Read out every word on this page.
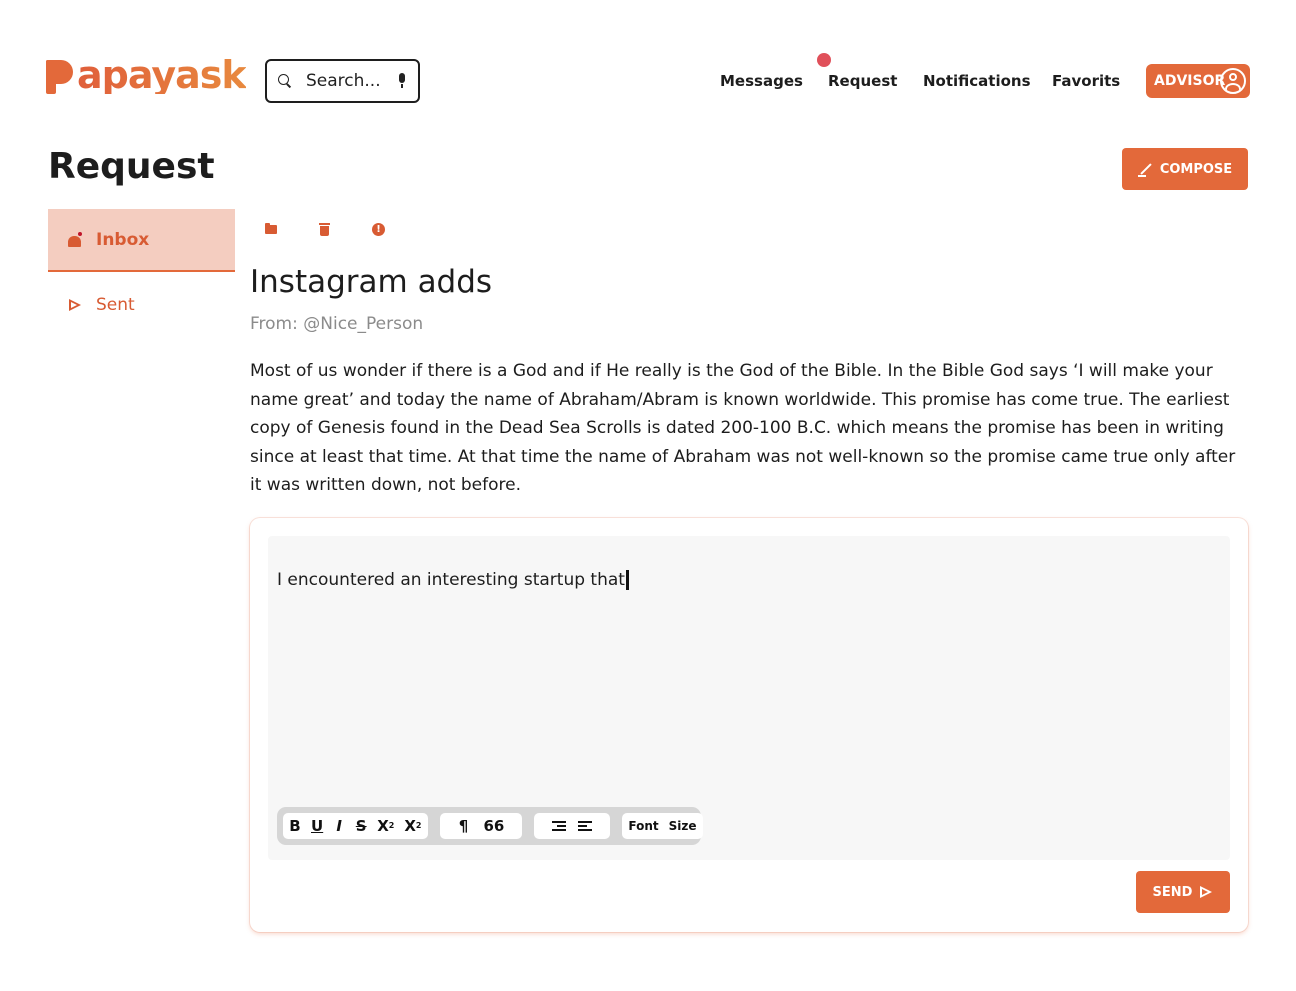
apayask	Search...	Messages Request Notifications Favorits ADVISOR
Request	COMPOSE
Inbox
Sent
!
Instagram adds
From: @Nice_Person

Most of us wonder if there is a God and if He really is the God of the Bible. In the Bible God says ‘I will make your name great’ and today the name of Abraham/Abram is known worldwide. This promise has come true. The earliest copy of Genesis found in the Dead Sea Scrolls is dated 200-100 B.C. which means the promise has been in writing since at least that time. At that time the name of Abraham was not well-known so the promise came true only after it was written down, not before.

I encountered an interesting startup that
B U I S X 2 X 2 ¶ 66	Font Size
SEND
